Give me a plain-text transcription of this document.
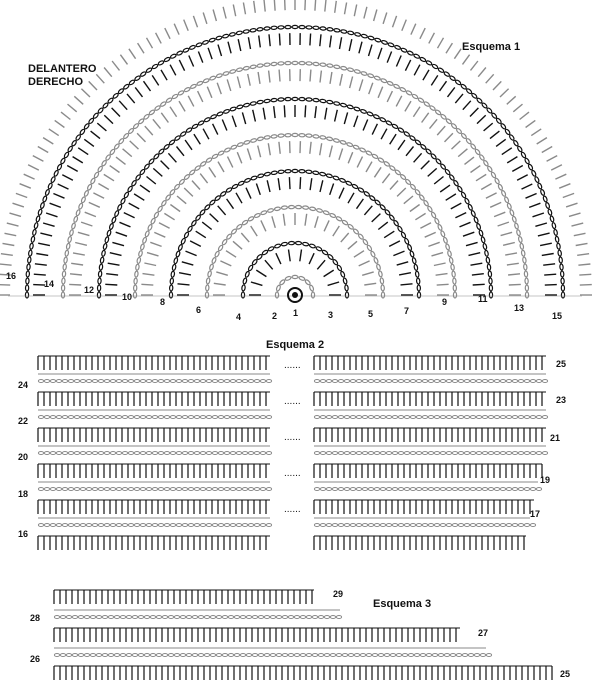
Esquema 1
DELANTERO
DERECHO
1
2	3
4	5
6	7
8	9
10	11
12
13
14
15
16
Esquema 2
......
......
......
......
......
24
22
20
18
16
25
23
21
19
17
Esquema 3
28
26
29
27
25
